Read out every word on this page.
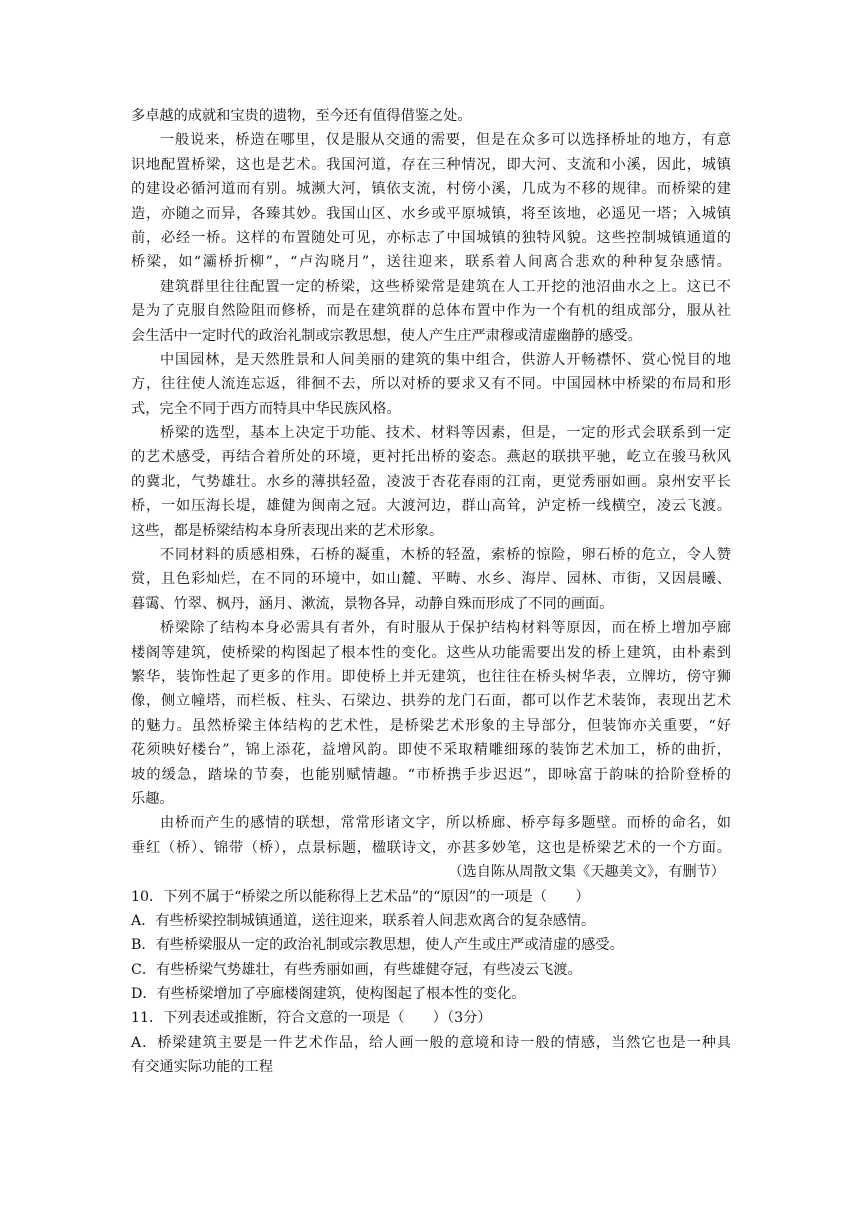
多卓越的成就和宝贵的遗物，至今还有值得借鉴之处。
一般说来，桥造在哪里，仅是服从交通的需要，但是在众多可以选择桥址的地方，有意
识地配置桥梁，这也是艺术。我国河道，存在三种情况，即大河、支流和小溪，因此，城镇
的建设必循河道而有别。城濒大河，镇依支流，村傍小溪，几成为不移的规律。而桥梁的建
造，亦随之而异，各臻其妙。我国山区、水乡或平原城镇，将至该地，必遥见一塔；入城镇
前，必经一桥。这样的布置随处可见，亦标志了中国城镇的独特风貌。这些控制城镇通道的
桥梁，如“灞桥折柳”，“卢沟晓月”，送往迎来，联系着人间离合悲欢的种种复杂感情。
建筑群里往往配置一定的桥梁，这些桥梁常是建筑在人工开挖的池沼曲水之上。这已不
是为了克服自然险阻而修桥，而是在建筑群的总体布置中作为一个有机的组成部分，服从社
会生活中一定时代的政治礼制或宗教思想，使人产生庄严肃穆或清虚幽静的感受。
中国园林，是天然胜景和人间美丽的建筑的集中组合，供游人开畅襟怀、赏心悦目的地
方，往往使人流连忘返，徘徊不去，所以对桥的要求又有不同。中国园林中桥梁的布局和形
式，完全不同于西方而特具中华民族风格。
桥梁的选型，基本上决定于功能、技术、材料等因素，但是，一定的形式会联系到一定
的艺术感受，再结合着所处的环境，更衬托出桥的姿态。燕赵的联拱平驰，屹立在骏马秋风
的冀北，气势雄壮。水乡的薄拱轻盈，凌波于杏花春雨的江南，更觉秀丽如画。泉州安平长
桥，一如压海长堤，雄健为闽南之冠。大渡河边，群山高耸，泸定桥一线横空，凌云飞渡。
这些，都是桥梁结构本身所表现出来的艺术形象。
不同材料的质感相殊，石桥的凝重，木桥的轻盈，索桥的惊险，卵石桥的危立，令人赞
赏，且色彩灿烂，在不同的环境中，如山麓、平畴、水乡、海岸、园林、市街，又因晨曦、
暮霭、竹翠、枫丹，涵月、漱流，景物各异，动静自殊而形成了不同的画面。
桥梁除了结构本身必需具有者外，有时服从于保护结构材料等原因，而在桥上增加亭廊
楼阁等建筑，使桥梁的构图起了根本性的变化。这些从功能需要出发的桥上建筑，由朴素到
繁华，装饰性起了更多的作用。即使桥上并无建筑，也往往在桥头树华表，立牌坊，傍守狮
像，侧立幢塔，而栏板、柱头、石梁边、拱券的龙门石面，都可以作艺术装饰，表现出艺术
的魅力。虽然桥梁主体结构的艺术性，是桥梁艺术形象的主导部分，但装饰亦关重要，“好
花须映好楼台”，锦上添花，益增风韵。即使不采取精雕细琢的装饰艺术加工，桥的曲折，
坡的缓急，踏垛的节奏，也能别赋情趣。“市桥携手步迟迟”，即咏富于韵味的拾阶登桥的
乐趣。
由桥而产生的感情的联想，常常形诸文字，所以桥廊、桥亭每多题壁。而桥的命名，如
垂红（桥）、锦带（桥），点景标题，楹联诗文，亦甚多妙笔，这也是桥梁艺术的一个方面。
（选自陈从周散文集《天趣美文》，有删节）
10．下列不属于“桥梁之所以能称得上艺术品”的“原因”的一项是（　　）
A．有些桥梁控制城镇通道，送往迎来，联系着人间悲欢离合的复杂感情。
B．有些桥梁服从一定的政治礼制或宗教思想，使人产生或庄严或清虚的感受。
C．有些桥梁气势雄壮，有些秀丽如画，有些雄健夺冠，有些凌云飞渡。
D．有些桥梁增加了亭廊楼阁建筑，使构图起了根本性的变化。
11．下列表述或推断，符合文意的一项是（　　）（3分）
A．桥梁建筑主要是一件艺术作品，给人画一般的意境和诗一般的情感，当然它也是一种具
有交通实际功能的工程
